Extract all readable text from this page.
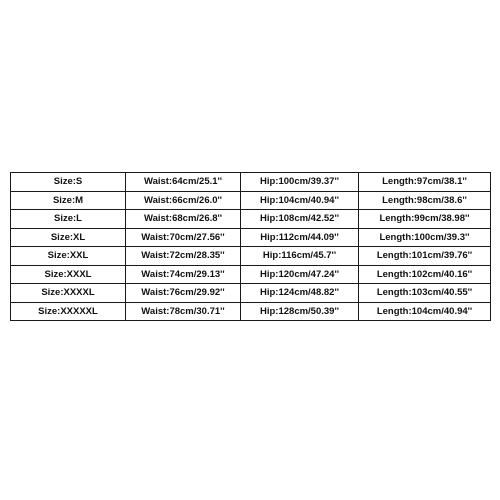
Size:S	Waist:64cm/25.1''	Hip:100cm/39.37''	Length:97cm/38.1''
Size:M	Waist:66cm/26.0''	Hip:104cm/40.94''	Length:98cm/38.6''
Size:L	Waist:68cm/26.8''	Hip:108cm/42.52''	Length:99cm/38.98''
Size:XL	Waist:70cm/27.56''	Hip:112cm/44.09''	Length:100cm/39.3''
Size:XXL	Waist:72cm/28.35''	Hip:116cm/45.7''	Length:101cm/39.76''
Size:XXXL	Waist:74cm/29.13''	Hip:120cm/47.24''	Length:102cm/40.16''
Size:XXXXL	Waist:76cm/29.92''	Hip:124cm/48.82''	Length:103cm/40.55''
Size:XXXXXL	Waist:78cm/30.71''	Hip:128cm/50.39''	Length:104cm/40.94''
